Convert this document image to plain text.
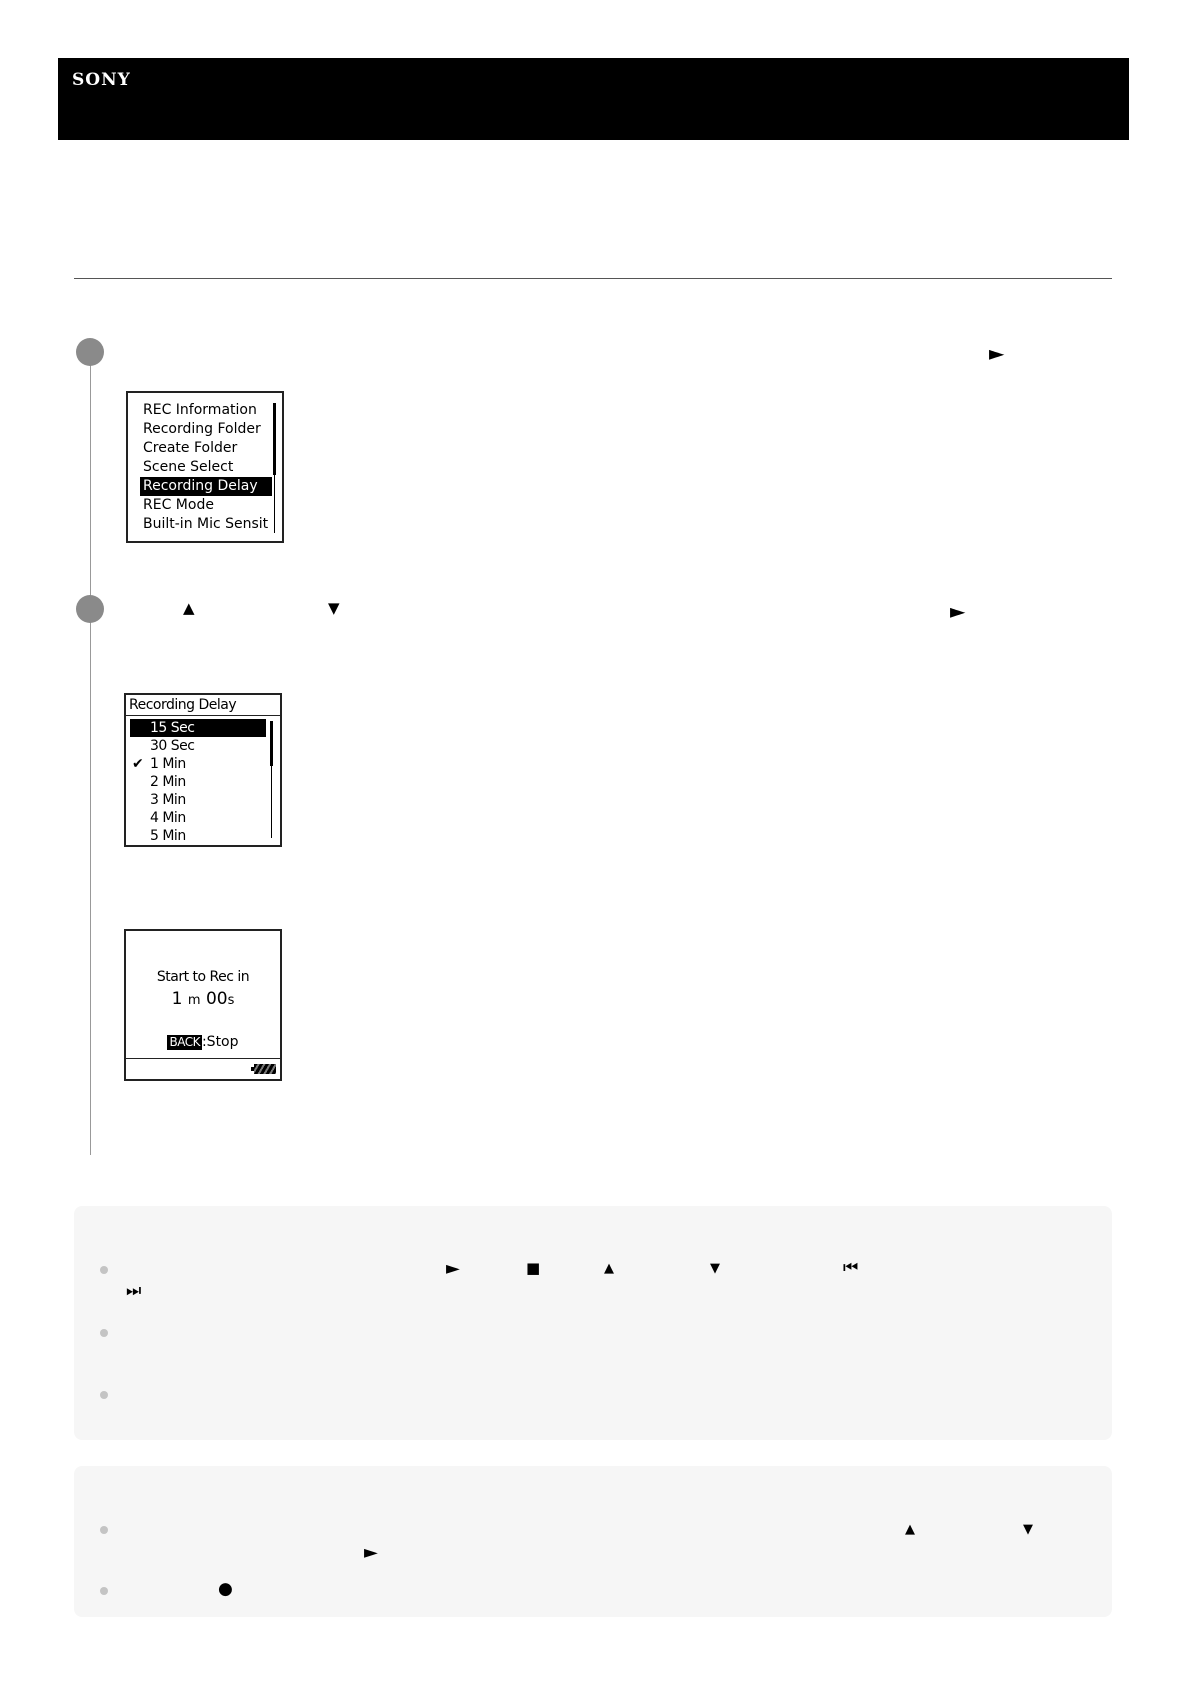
SONY
►
REC Information
Recording Folder
Create Folder
Scene Select
Recording Delay
REC Mode
Built-in Mic Sensit
▲	▼	►
Recording Delay
15 Sec
30 Sec
✔ 1 Min
2 Min
3 Min
4 Min
5 Min
Start to Rec in
1 m 00s
BACK :Stop
►	■	▲	▼	⏮
⏭
▲	▼
►
●
